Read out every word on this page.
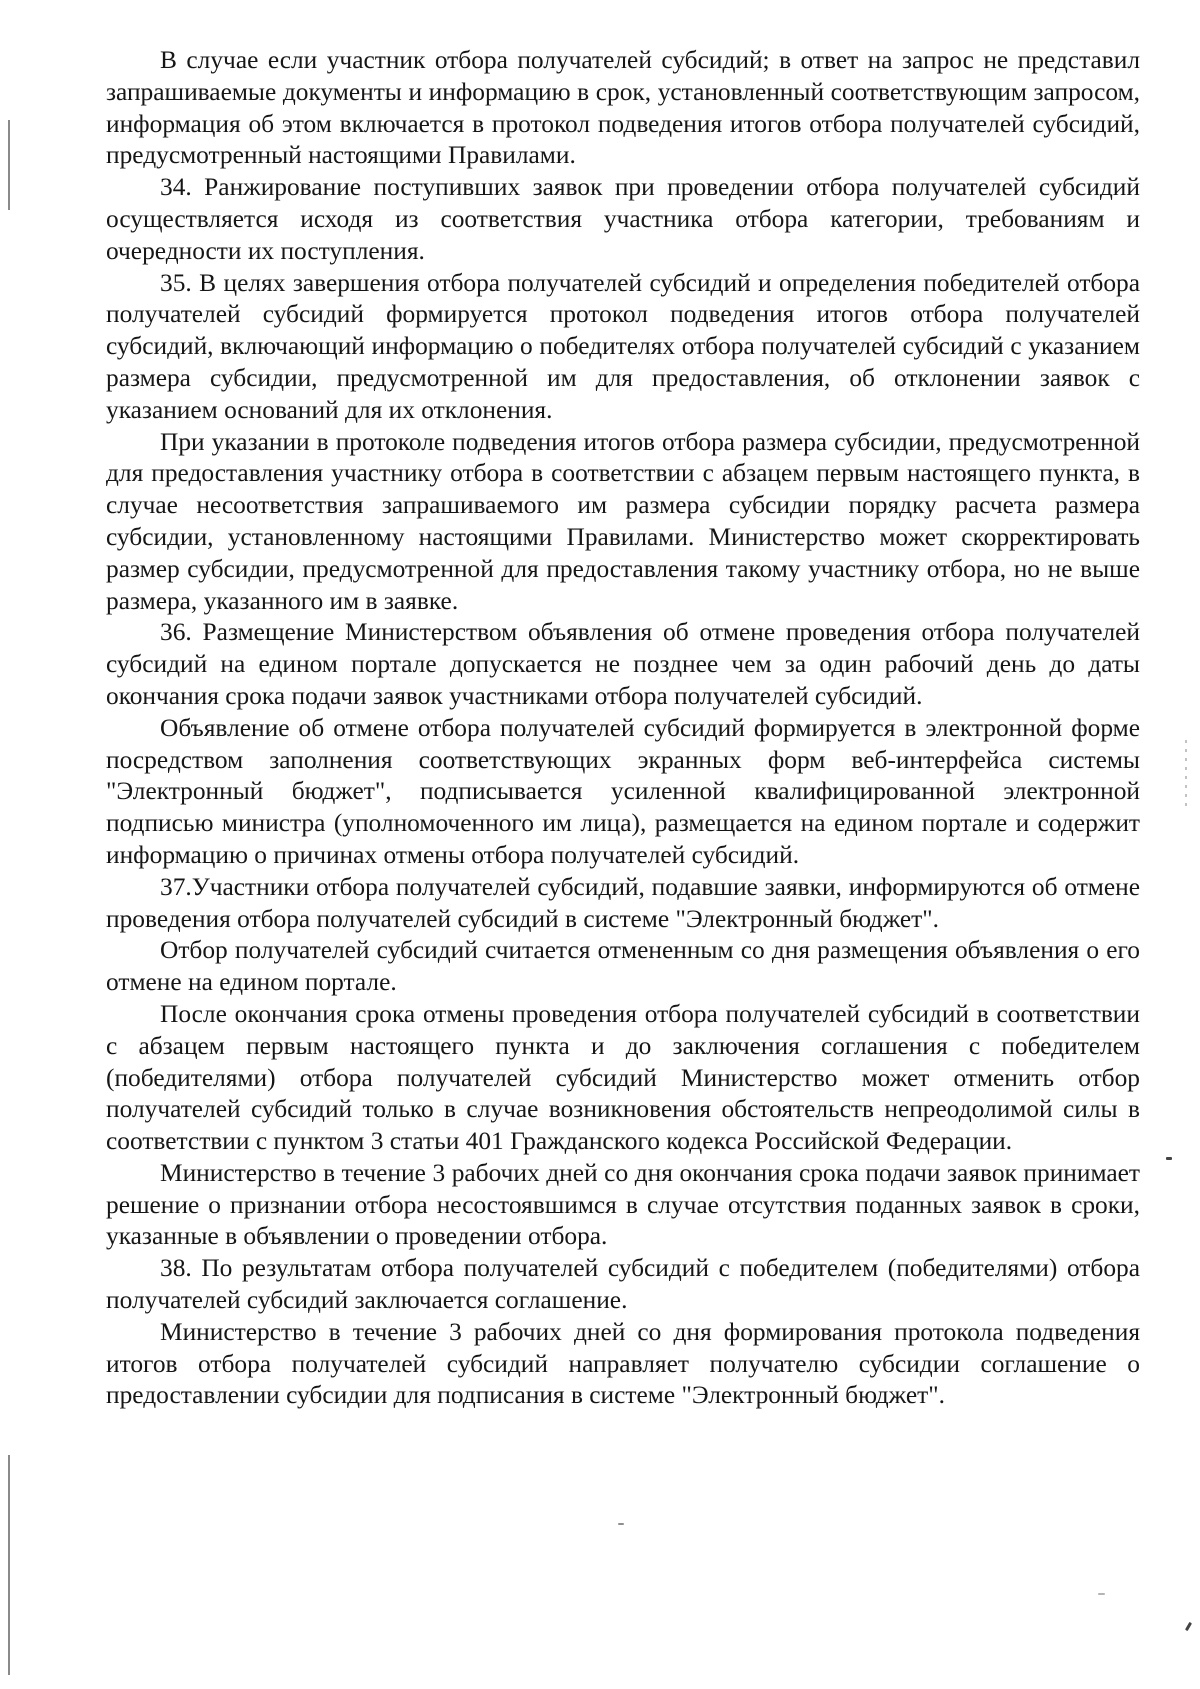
В случае если участник отбора получателей субсидий; в ответ на запрос не представил запрашиваемые документы и информацию в срок, установленный соответствующим запросом, информация об этом включается в протокол подведения итогов отбора получателей субсидий, предусмотренный настоящими Правилами.

34. Ранжирование поступивших заявок при проведении отбора получателей субсидий осуществляется исходя из соответствия участника отбора категории, требованиям и очередности их поступления.

35. В целях завершения отбора получателей субсидий и определения победителей отбора получателей субсидий формируется протокол подведения итогов отбора получателей субсидий, включающий информацию о победителях отбора получателей субсидий с указанием размера субсидии, предусмотренной им для предоставления, об отклонении заявок с указанием оснований для их отклонения.

При указании в протоколе подведения итогов отбора размера субсидии, предусмотренной для предоставления участнику отбора в соответствии с абзацем первым настоящего пункта, в случае несоответствия запрашиваемого им размера субсидии порядку расчета размера субсидии, установленному настоящими Правилами. Министерство может скорректировать размер субсидии, предусмотренной для предоставления такому участнику отбора, но не выше размера, указанного им в заявке.

36. Размещение Министерством объявления об отмене проведения отбора получателей субсидий на едином портале допускается не позднее чем за один рабочий день до даты окончания срока подачи заявок участниками отбора получателей субсидий.

Объявление об отмене отбора получателей субсидий формируется в электронной форме посредством заполнения соответствующих экранных форм веб-интерфейса системы "Электронный бюджет", подписывается усиленной квалифицированной электронной подписью министра (уполномоченного им лица), размещается на едином портале и содержит информацию о причинах отмены отбора получателей субсидий.

37.Участники отбора получателей субсидий, подавшие заявки, информируются об отмене проведения отбора получателей субсидий в системе "Электронный бюджет".

Отбор получателей субсидий считается отмененным со дня размещения объявления о его отмене на едином портале.

После окончания срока отмены проведения отбора получателей субсидий в соответствии с абзацем первым настоящего пункта и до заключения соглашения с победителем (победителями) отбора получателей субсидий Министерство может отменить отбор получателей субсидий только в случае возникновения обстоятельств непреодолимой силы в соответствии с пунктом 3 статьи 401 Гражданского кодекса Российской Федерации.

Министерство в течение 3 рабочих дней со дня окончания срока подачи заявок принимает решение о признании отбора несостоявшимся в случае отсутствия поданных заявок в сроки, указанные в объявлении о проведении отбора.

38. По результатам отбора получателей субсидий с победителем (победителями) отбора получателей субсидий заключается соглашение.

Министерство в течение 3 рабочих дней со дня формирования протокола подведения итогов отбора получателей субсидий направляет получателю субсидии соглашение о предоставлении субсидии для подписания в системе "Электронный бюджет".
